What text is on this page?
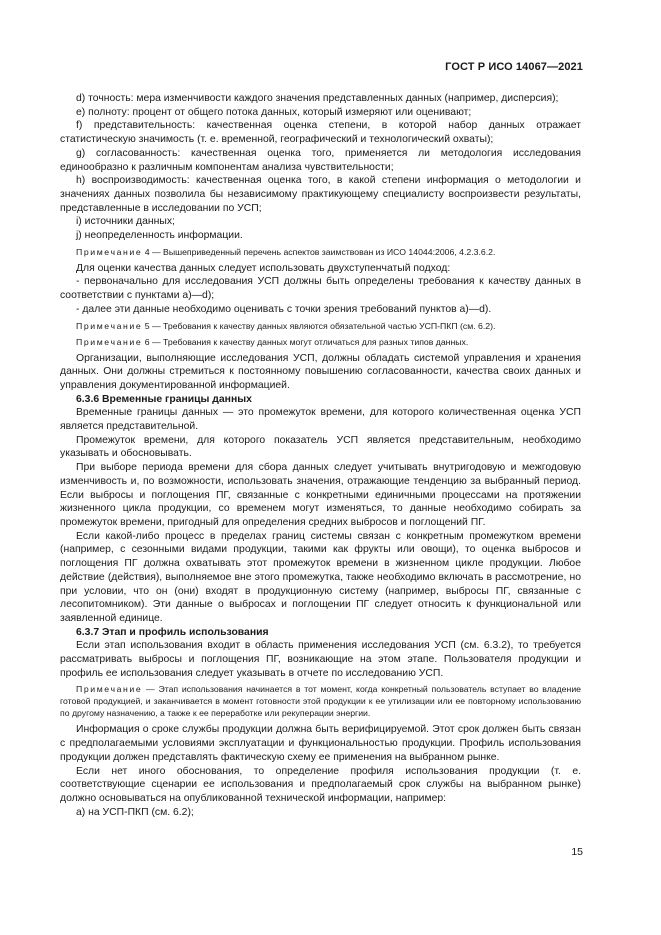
ГОСТ Р ИСО 14067—2021

d) точность: мера изменчивости каждого значения представленных данных (например, дисперсия);

e) полноту: процент от общего потока данных, который измеряют или оценивают;

f) представительность: качественная оценка степени, в которой набор данных отражает статистическую значимость (т. е. временной, географический и технологический охваты);

g) согласованность: качественная оценка того, применяется ли методология исследования единообразно к различным компонентам анализа чувствительности;

h) воспроизводимость: качественная оценка того, в какой степени информация о методологии и значениях данных позволила бы независимому практикующему специалисту воспроизвести результаты, представленные в исследовании по УСП;

i) источники данных;

j) неопределенность информации.

Примечание 4 — Вышеприведенный перечень аспектов заимствован из ИСО 14044:2006, 4.2.3.6.2.

Для оценки качества данных следует использовать двухступенчатый подход:

- первоначально для исследования УСП должны быть определены требования к качеству данных в соответствии с пунктами a)—d);

- далее эти данные необходимо оценивать с точки зрения требований пунктов a)—d).

Примечание 5 — Требования к качеству данных являются обязательной частью УСП-ПКП (см. 6.2).

Примечание 6 — Требования к качеству данных могут отличаться для разных типов данных.

Организации, выполняющие исследования УСП, должны обладать системой управления и хранения данных. Они должны стремиться к постоянному повышению согласованности, качества своих данных и управления документированной информацией.

6.3.6 Временные границы данных

Временные границы данных — это промежуток времени, для которого количественная оценка УСП является представительной.

Промежуток времени, для которого показатель УСП является представительным, необходимо указывать и обосновывать.

При выборе периода времени для сбора данных следует учитывать внутригодовую и межгодовую изменчивость и, по возможности, использовать значения, отражающие тенденцию за выбранный период. Если выбросы и поглощения ПГ, связанные с конкретными единичными процессами на протяжении жизненного цикла продукции, со временем могут изменяться, то данные необходимо собирать за промежуток времени, пригодный для определения средних выбросов и поглощений ПГ.

Если какой-либо процесс в пределах границ системы связан с конкретным промежутком времени (например, с сезонными видами продукции, такими как фрукты или овощи), то оценка выбросов и поглощения ПГ должна охватывать этот промежуток времени в жизненном цикле продукции. Любое действие (действия), выполняемое вне этого промежутка, также необходимо включать в рассмотрение, но при условии, что он (они) входят в продукционную систему (например, выбросы ПГ, связанные с лесопитомником). Эти данные о выбросах и поглощении ПГ следует относить к функциональной или заявленной единице.

6.3.7 Этап и профиль использования

Если этап использования входит в область применения исследования УСП (см. 6.3.2), то требуется рассматривать выбросы и поглощения ПГ, возникающие на этом этапе. Пользователя продукции и профиль ее использования следует указывать в отчете по исследованию УСП.

Примечание — Этап использования начинается в тот момент, когда конкретный пользователь вступает во владение готовой продукцией, и заканчивается в момент готовности этой продукции к ее утилизации или ее повторному использованию по другому назначению, а также к ее переработке или рекуперации энергии.

Информация о сроке службы продукции должна быть верифицируемой. Этот срок должен быть связан с предполагаемыми условиями эксплуатации и функциональностью продукции. Профиль использования продукции должен представлять фактическую схему ее применения на выбранном рынке.

Если нет иного обоснования, то определение профиля использования продукции (т. е. соответствующие сценарии ее использования и предполагаемый срок службы на выбранном рынке) должно основываться на опубликованной технической информации, например:

a) на УСП-ПКП (см. 6.2);

15
